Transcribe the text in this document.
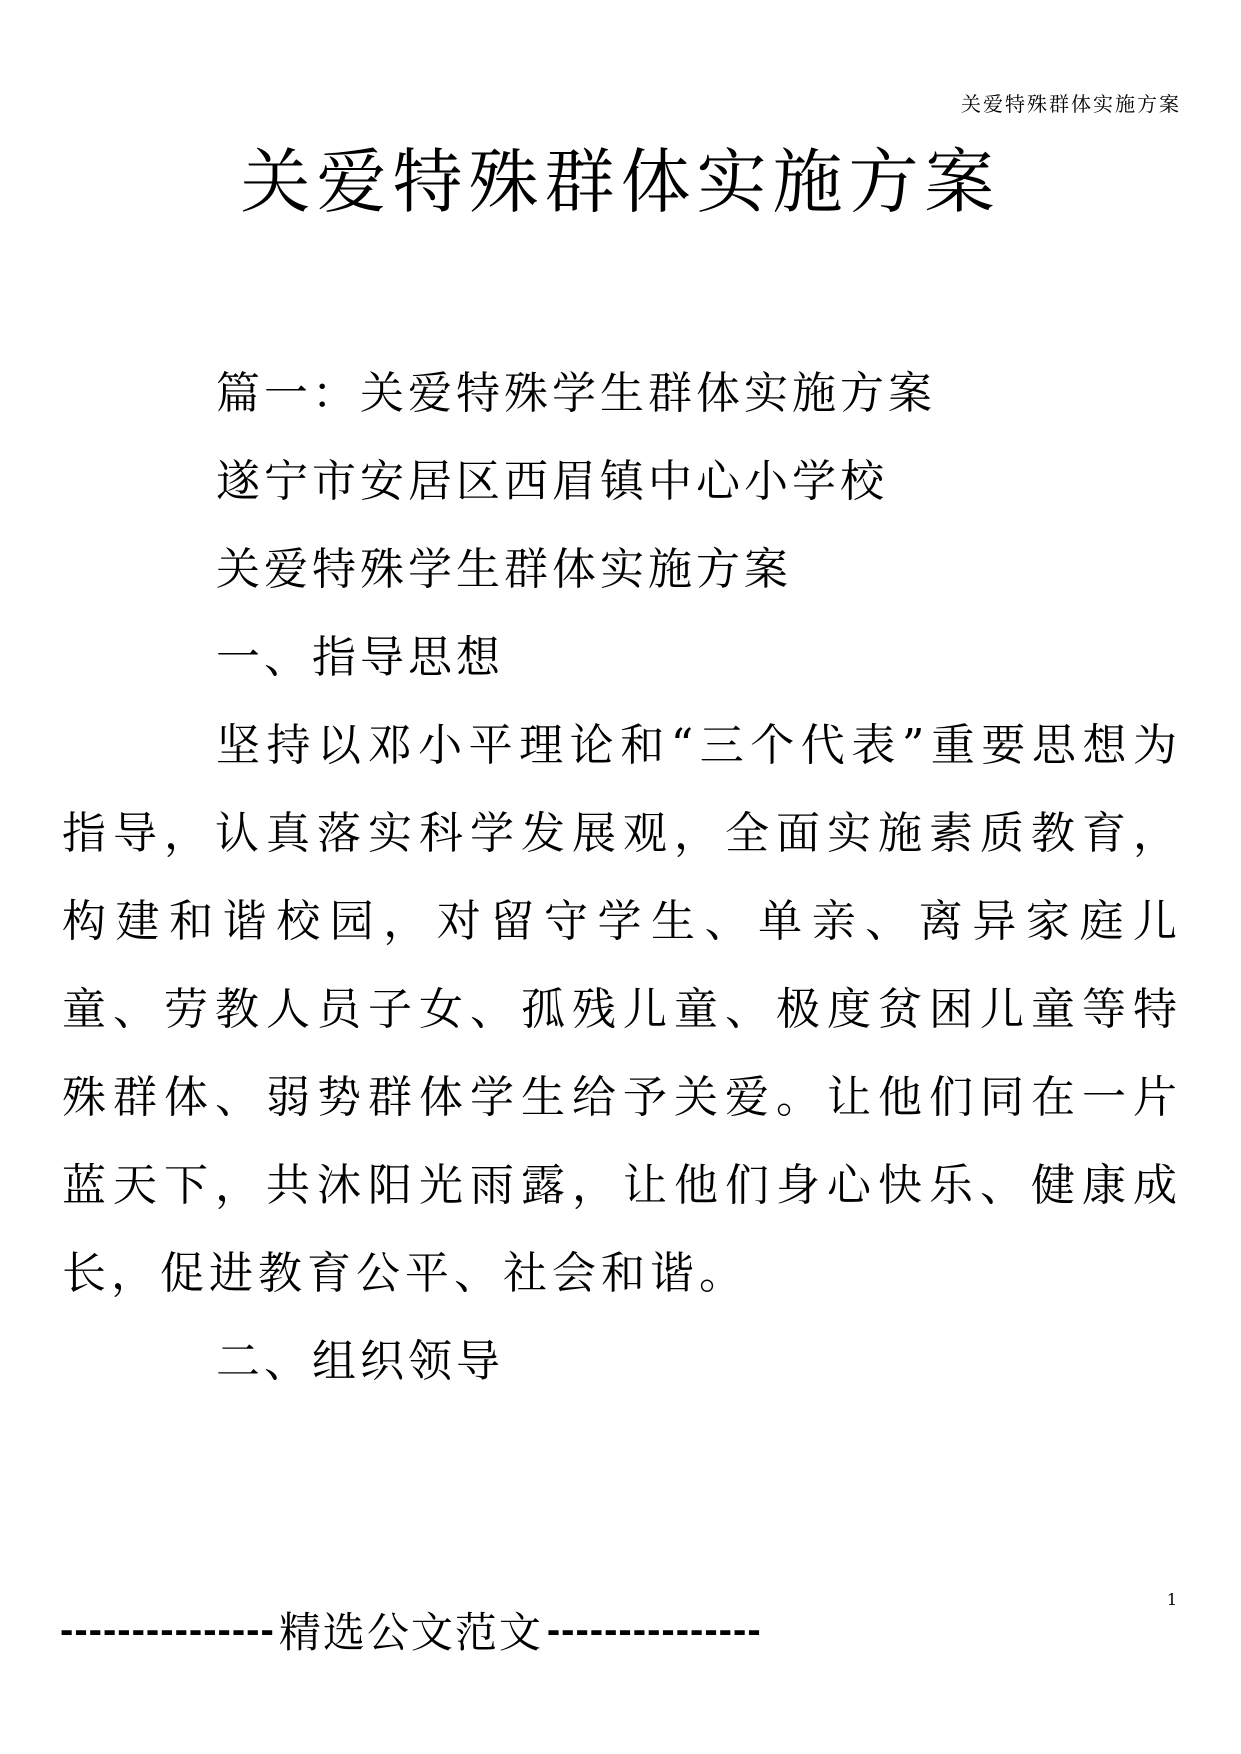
关爱特殊群体实施方案
关爱特殊群体实施方案
篇一：关爱特殊学生群体实施方案
遂宁市安居区西眉镇中心小学校
关爱特殊学生群体实施方案
一、指导思想

坚持以邓小平理论和“三个代表”重要思想为指导，认真落实科学发展观，全面实施素质教育，构建和谐校园，对留守学生、单亲、离异家庭儿童、劳教人员子女、孤残儿童、极度贫困儿童等特殊群体、弱势群体学生给予关爱。让他们同在一片蓝天下，共沐阳光雨露，让他们身心快乐、健康成长，促进教育公平、社会和谐。

二、组织领导
1
--------------- 精选公文范文 ---------------
